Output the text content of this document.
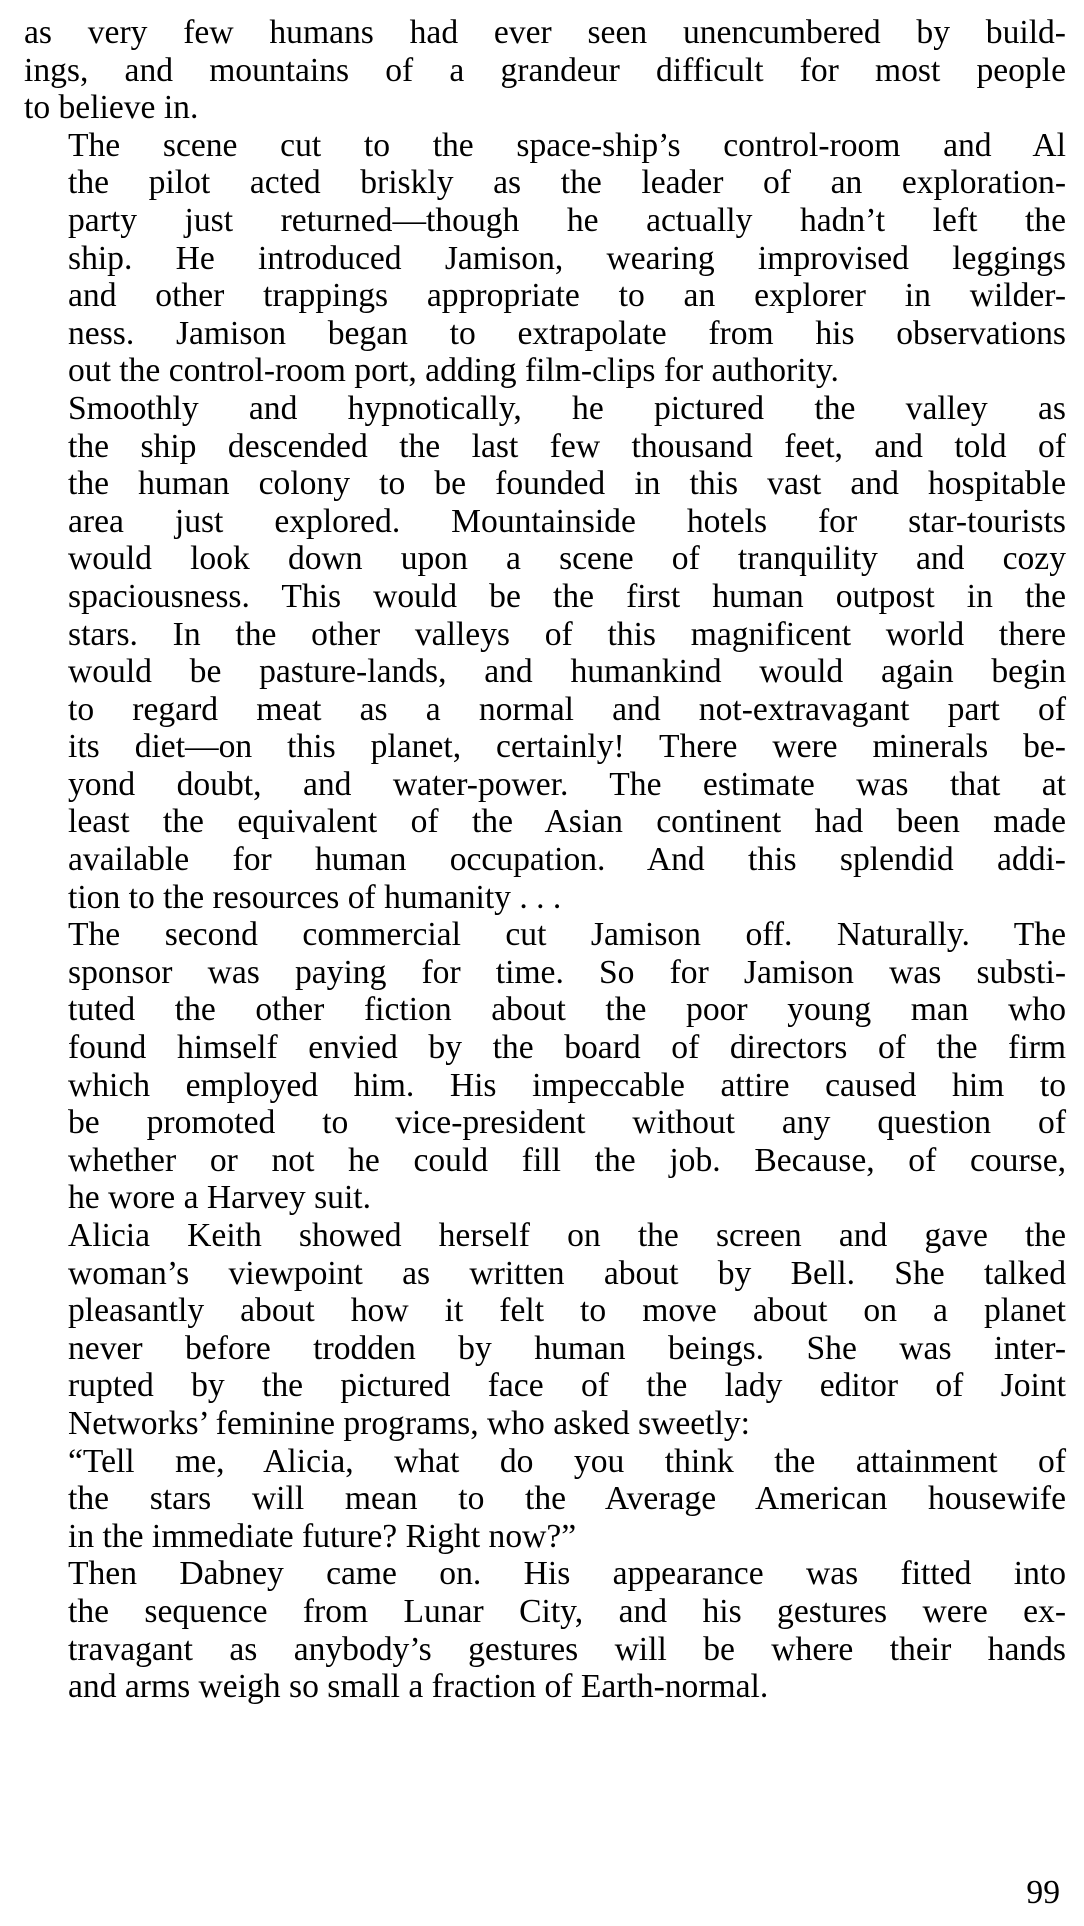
as very few humans had ever seen unencumbered by build-
ings, and mountains of a grandeur difficult for most people
to believe in.

The scene cut to the space-ship’s control-room and Al
the pilot acted briskly as the leader of an exploration-
party just returned—though he actually hadn’t left the
ship. He introduced Jamison, wearing improvised leggings
and other trappings appropriate to an explorer in wilder-
ness. Jamison began to extrapolate from his observations
out the control-room port, adding film-clips for authority.

Smoothly and hypnotically, he pictured the valley as
the ship descended the last few thousand feet, and told of
the human colony to be founded in this vast and hospitable
area just explored. Mountainside hotels for star-tourists
would look down upon a scene of tranquility and cozy
spaciousness. This would be the first human outpost in the
stars. In the other valleys of this magnificent world there
would be pasture-lands, and humankind would again begin
to regard meat as a normal and not-extravagant part of
its diet—on this planet, certainly! There were minerals be-
yond doubt, and water-power. The estimate was that at
least the equivalent of the Asian continent had been made
available for human occupation. And this splendid addi-
tion to the resources of humanity . . .

The second commercial cut Jamison off. Naturally. The
sponsor was paying for time. So for Jamison was substi-
tuted the other fiction about the poor young man who
found himself envied by the board of directors of the firm
which employed him. His impeccable attire caused him to
be promoted to vice-president without any question of
whether or not he could fill the job. Because, of course,
he wore a Harvey suit.

Alicia Keith showed herself on the screen and gave the
woman’s viewpoint as written about by Bell. She talked
pleasantly about how it felt to move about on a planet
never before trodden by human beings. She was inter-
rupted by the pictured face of the lady editor of Joint
Networks’ feminine programs, who asked sweetly:

“Tell me, Alicia, what do you think the attainment of
the stars will mean to the Average American housewife
in the immediate future? Right now?”

Then Dabney came on. His appearance was fitted into
the sequence from Lunar City, and his gestures were ex-
travagant as anybody’s gestures will be where their hands
and arms weigh so small a fraction of Earth-normal.

99
